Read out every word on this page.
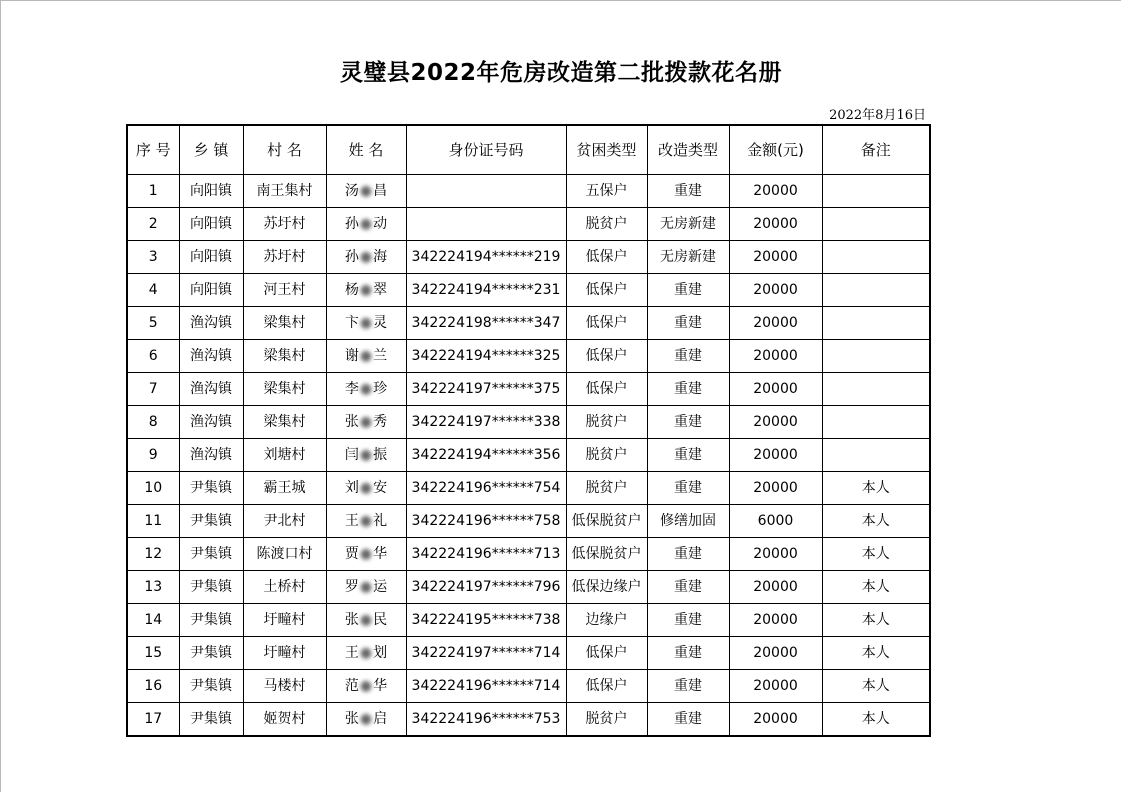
灵璧县2022年危房改造第二批拨款花名册
2022年8月16日
序 号	乡 镇	村 名	姓 名	身份证号码	贫困类型	改造类型	金额(元)	备注
1	向阳镇	南王集村	汤●昌		五保户	重建	20000	
2	向阳镇	苏圩村	孙●动		脱贫户	无房新建	20000	
3	向阳镇	苏圩村	孙●海	342224194******219	低保户	无房新建	20000	
4	向阳镇	河王村	杨●翠	342224194******231	低保户	重建	20000	
5	渔沟镇	梁集村	卞●灵	342224198******347	低保户	重建	20000	
6	渔沟镇	梁集村	谢●兰	342224194******325	低保户	重建	20000	
7	渔沟镇	梁集村	李●珍	342224197******375	低保户	重建	20000	
8	渔沟镇	梁集村	张●秀	342224197******338	脱贫户	重建	20000	
9	渔沟镇	刘塘村	闫●振	342224194******356	脱贫户	重建	20000	
10	尹集镇	霸王城	刘●安	342224196******754	脱贫户	重建	20000	本人
11	尹集镇	尹北村	王●礼	342224196******758	低保脱贫户	修缮加固	6000	本人
12	尹集镇	陈渡口村	贾●华	342224196******713	低保脱贫户	重建	20000	本人
13	尹集镇	土桥村	罗●运	342224197******796	低保边缘户	重建	20000	本人
14	尹集镇	圩疃村	张●民	342224195******738	边缘户	重建	20000	本人
15	尹集镇	圩疃村	王●划	342224197******714	低保户	重建	20000	本人
16	尹集镇	马楼村	范●华	342224196******714	低保户	重建	20000	本人
17	尹集镇	姬贺村	张●启	342224196******753	脱贫户	重建	20000	本人
